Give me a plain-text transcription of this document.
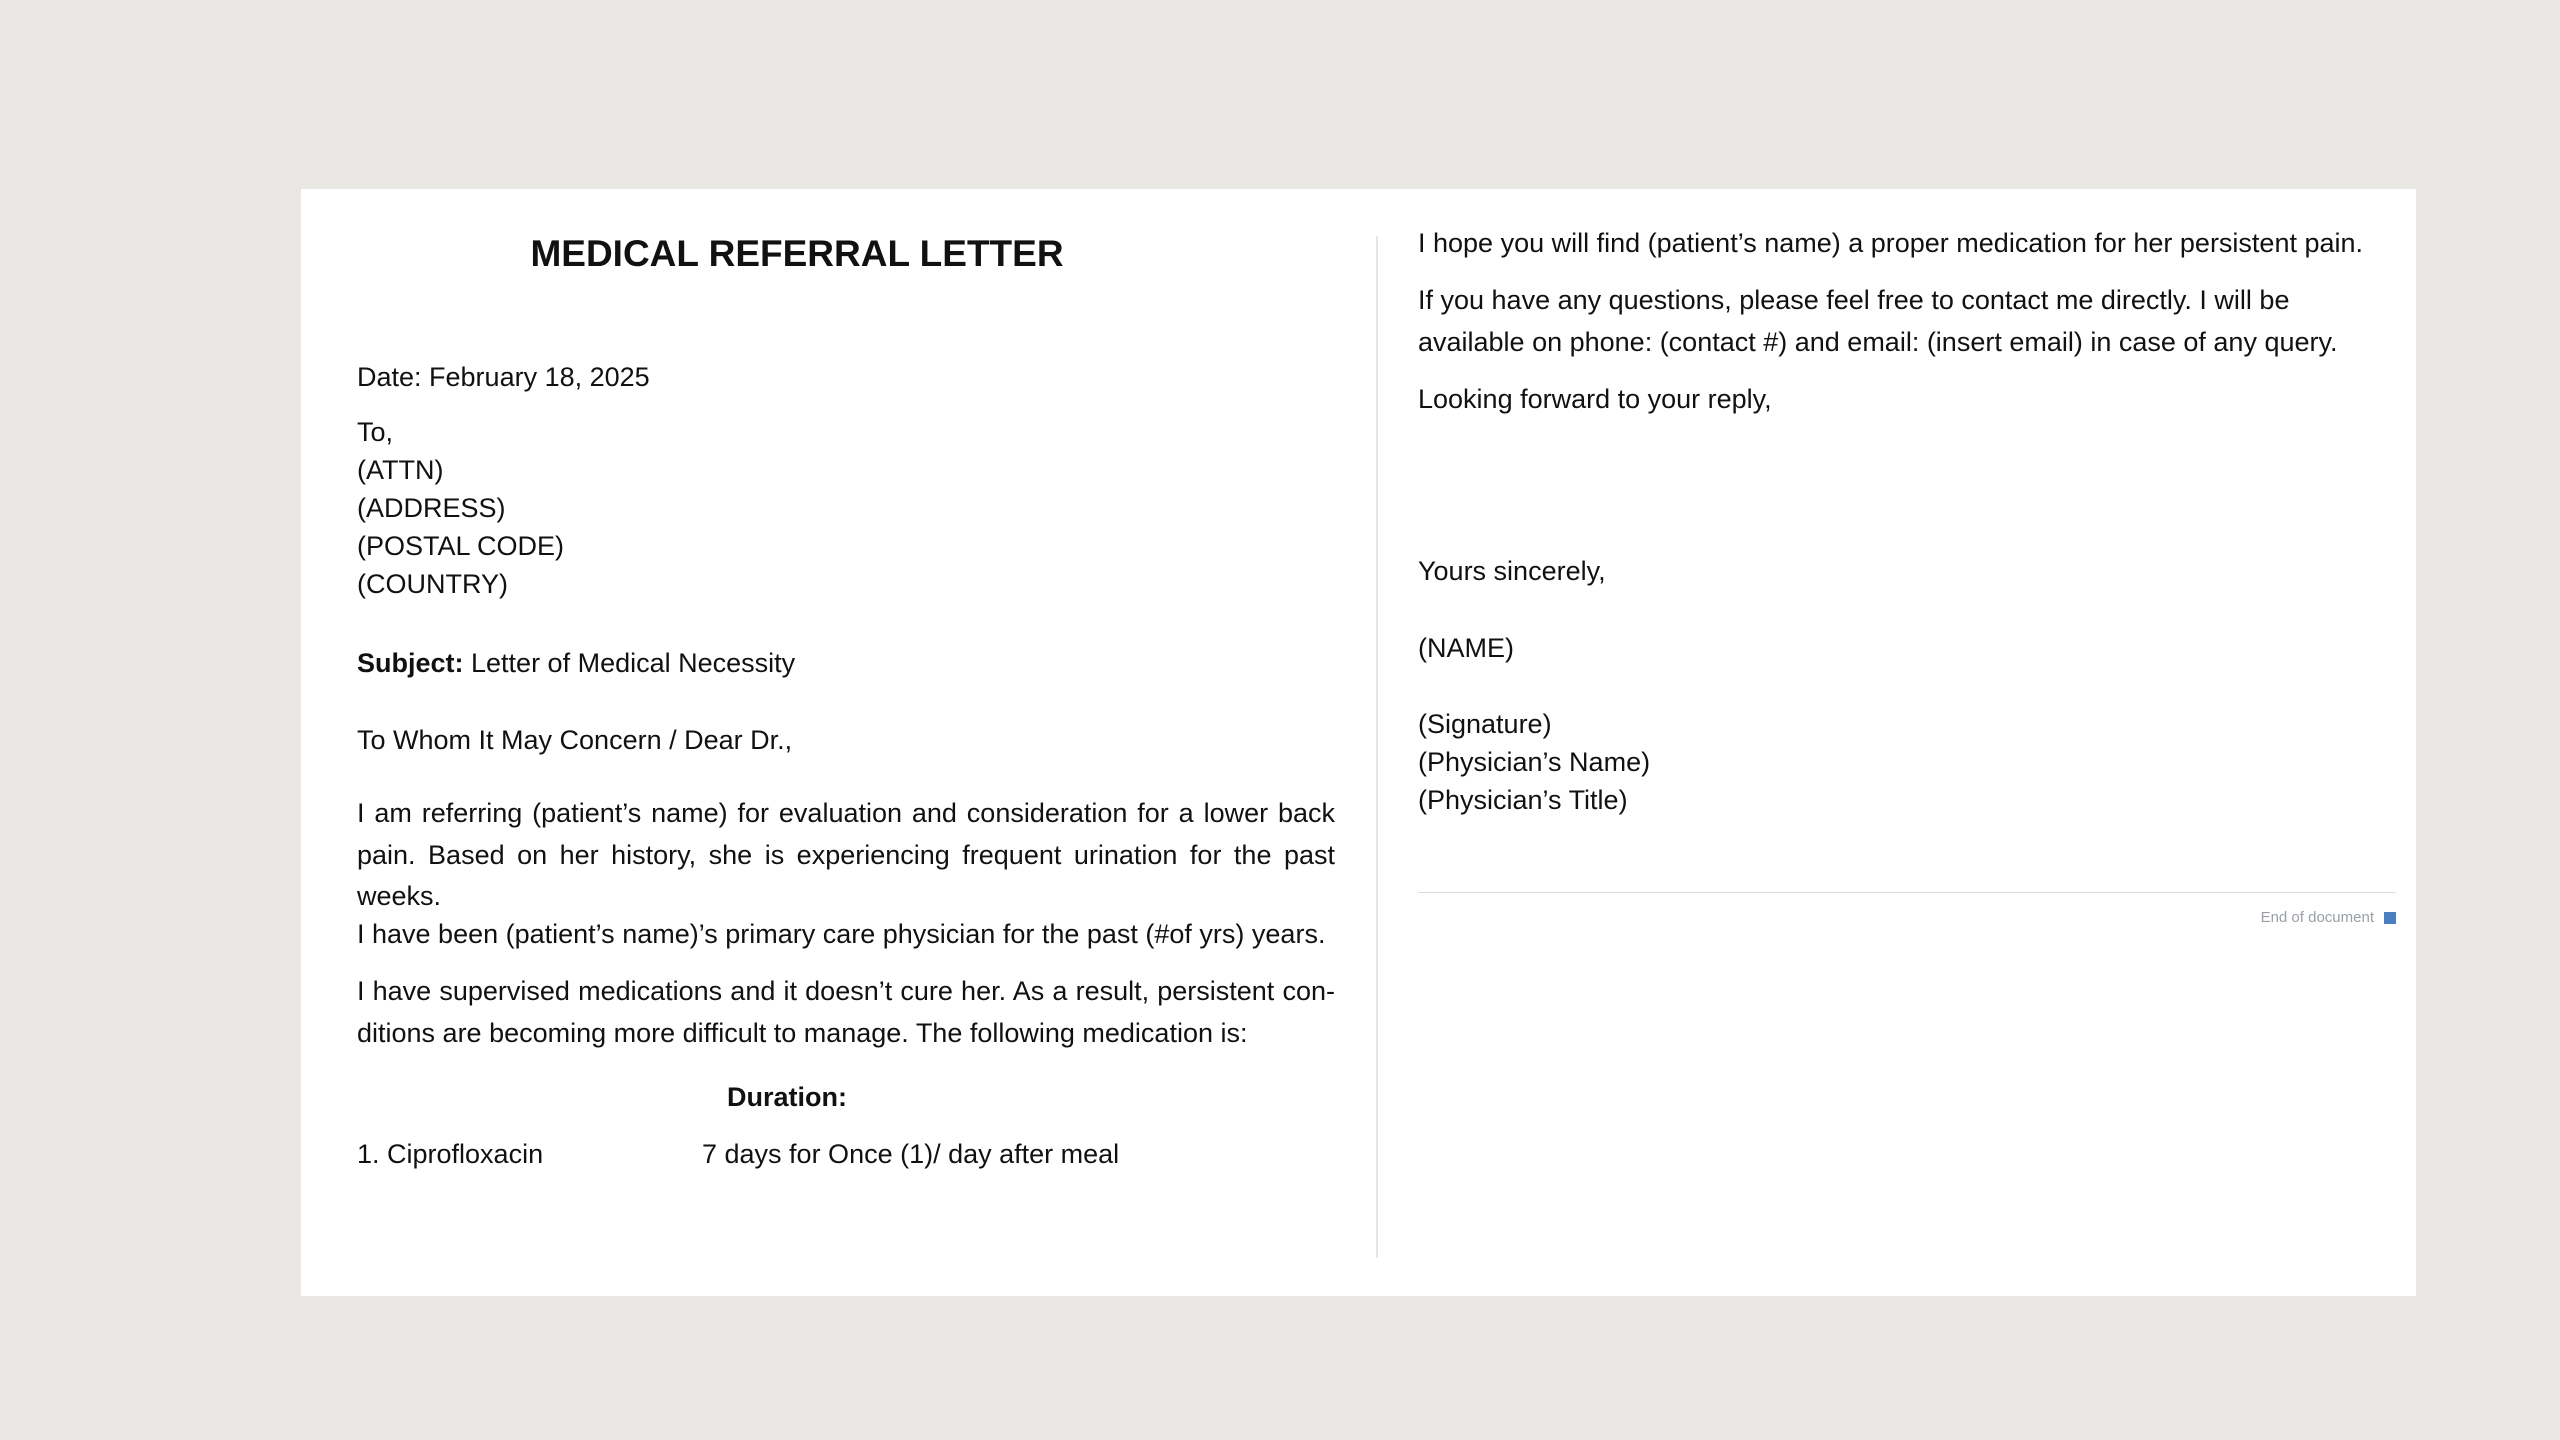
MEDICAL REFERRAL LETTER

Date: February 18, 2025

To,

(ATTN)

(ADDRESS)

(POSTAL CODE)

(COUNTRY)

Subject: Letter of Medical Necessity

To Whom It May Concern / Dear Dr.,

I am referring (patient’s name) for evaluation and consideration for a lower back pain. Based on her history, she is experiencing frequent urination for the past weeks.

I have been (patient’s name)’s primary care physician for the past (#of yrs) years.

I have supervised medications and it doesn’t cure her. As a result, persistent conditions are becoming more difficult to manage. The following medication is:

Duration:

1. Ciprofloxacin	7 days for Once (1)/ day after meal

I hope you will find (patient’s name) a proper medication for her persistent pain.

If you have any questions, please feel free to contact me directly. I will be available on phone: (contact #) and email: (insert email) in case of any query.

Looking forward to your reply,

Yours sincerely,

(NAME)

(Signature)

(Physician’s Name)

(Physician’s Title)

End of document
